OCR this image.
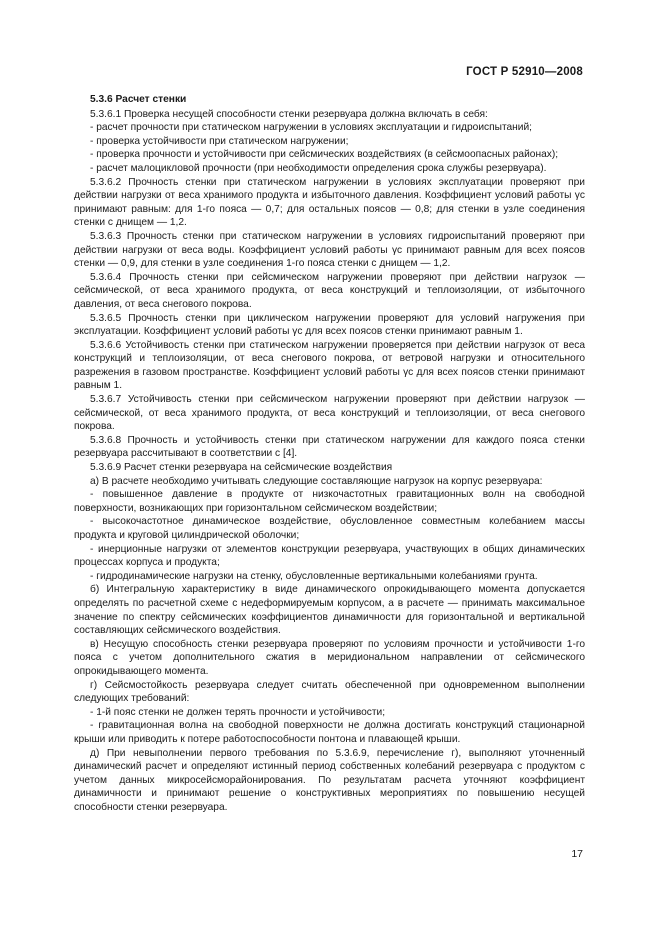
ГОСТ Р 52910—2008

5.3.6 Расчет стенки

5.3.6.1 Проверка несущей способности стенки резервуара должна включать в себя:

- расчет прочности при статическом нагружении в условиях эксплуатации и гидроиспытаний;

- проверка устойчивости при статическом нагружении;

- проверка прочности и устойчивости при сейсмических воздействиях (в сейсмоопасных районах);

- расчет малоцикловой прочности (при необходимости определения срока службы резервуара).

5.3.6.2 Прочность стенки при статическом нагружении в условиях эксплуатации проверяют при действии нагрузки от веса хранимого продукта и избыточного давления. Коэффициент условий работы γc принимают равным: для 1-го пояса — 0,7; для остальных поясов — 0,8; для стенки в узле соединения стенки с днищем — 1,2.

5.3.6.3 Прочность стенки при статическом нагружении в условиях гидроиспытаний проверяют при действии нагрузки от веса воды. Коэффициент условий работы γc принимают равным для всех поясов стенки — 0,9, для стенки в узле соединения 1-го пояса стенки с днищем — 1,2.

5.3.6.4 Прочность стенки при сейсмическом нагружении проверяют при действии нагрузок — сейсмической, от веса хранимого продукта, от веса конструкций и теплоизоляции, от избыточного давления, от веса снегового покрова.

5.3.6.5 Прочность стенки при циклическом нагружении проверяют для условий нагружения при эксплуатации. Коэффициент условий работы γc для всех поясов стенки принимают равным 1.

5.3.6.6 Устойчивость стенки при статическом нагружении проверяется при действии нагрузок от веса конструкций и теплоизоляции, от веса снегового покрова, от ветровой нагрузки и относительного разрежения в газовом пространстве. Коэффициент условий работы γc для всех поясов стенки принимают равным 1.

5.3.6.7 Устойчивость стенки при сейсмическом нагружении проверяют при действии нагрузок — сейсмической, от веса хранимого продукта, от веса конструкций и теплоизоляции, от веса снегового покрова.

5.3.6.8 Прочность и устойчивость стенки при статическом нагружении для каждого пояса стенки резервуара рассчитывают в соответствии с [4].

5.3.6.9 Расчет стенки резервуара на сейсмические воздействия

а) В расчете необходимо учитывать следующие составляющие нагрузок на корпус резервуара:

- повышенное давление в продукте от низкочастотных гравитационных волн на свободной поверхности, возникающих при горизонтальном сейсмическом воздействии;

- высокочастотное динамическое воздействие, обусловленное совместным колебанием массы продукта и круговой цилиндрической оболочки;

- инерционные нагрузки от элементов конструкции резервуара, участвующих в общих динамических процессах корпуса и продукта;

- гидродинамические нагрузки на стенку, обусловленные вертикальными колебаниями грунта.

б) Интегральную характеристику в виде динамического опрокидывающего момента допускается определять по расчетной схеме с недеформируемым корпусом, а в расчете — принимать максимальное значение по спектру сейсмических коэффициентов динамичности для горизонтальной и вертикальной составляющих сейсмического воздействия.

в) Несущую способность стенки резервуара проверяют по условиям прочности и устойчивости 1-го пояса с учетом дополнительного сжатия в меридиональном направлении от сейсмического опрокидывающего момента.

г) Сейсмостойкость резервуара следует считать обеспеченной при одновременном выполнении следующих требований:

- 1-й пояс стенки не должен терять прочности и устойчивости;

- гравитационная волна на свободной поверхности не должна достигать конструкций стационарной крыши или приводить к потере работоспособности понтона и плавающей крыши.

д) При невыполнении первого требования по 5.3.6.9, перечисление г), выполняют уточненный динамический расчет и определяют истинный период собственных колебаний резервуара с продуктом с учетом данных микросейсморайонирования. По результатам расчета уточняют коэффициент динамичности и принимают решение о конструктивных мероприятиях по повышению несущей способности стенки резервуара.

17
